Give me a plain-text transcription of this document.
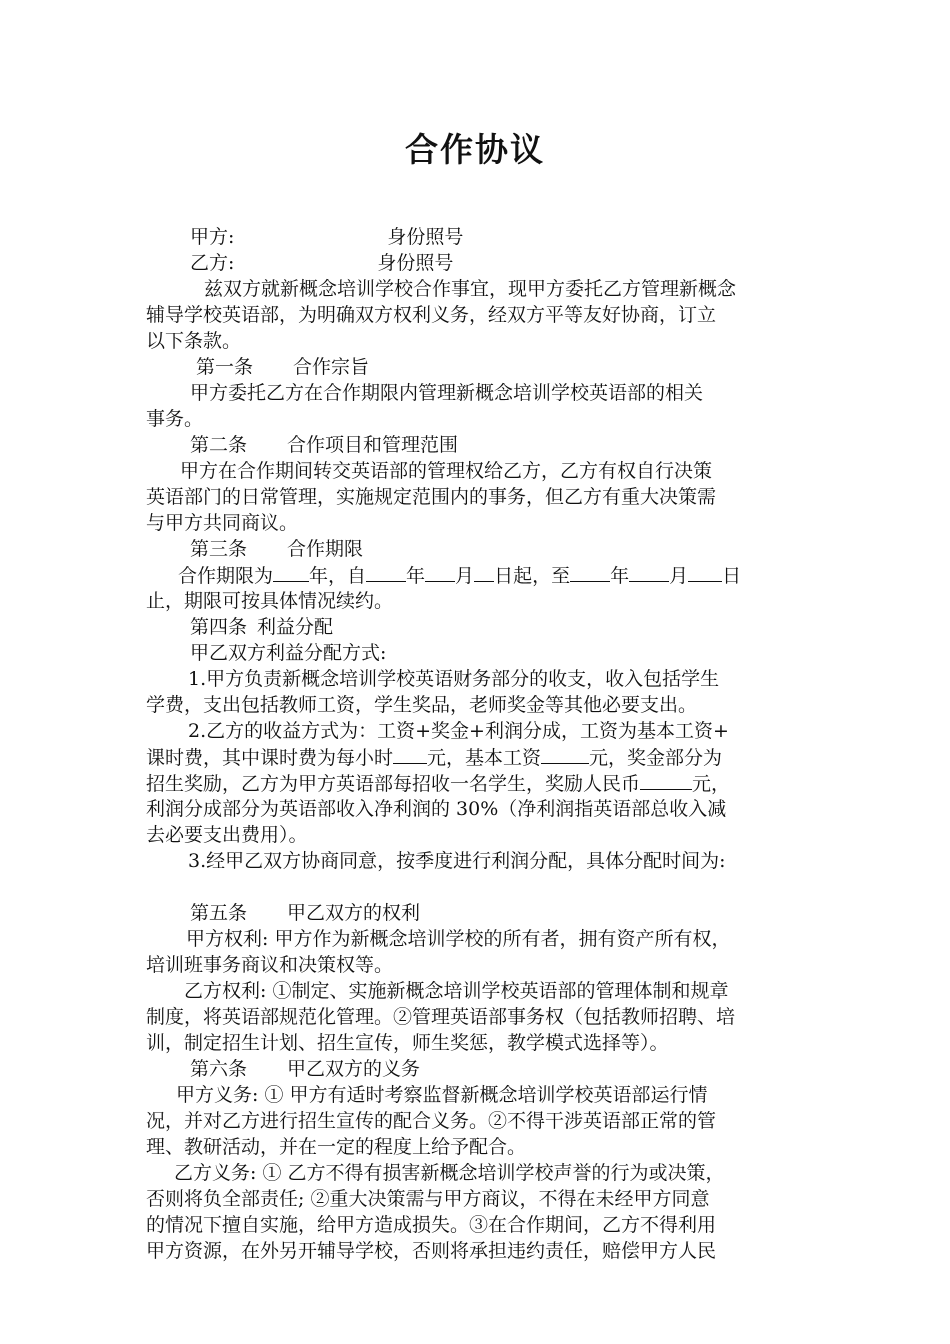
合作协议
甲方:	身份照号
乙方:	身份照号
兹双方就新概念培训学校合作事宜，现甲方委托乙方管理新概念
辅导学校英语部，为明确双方权利义务，经双方平等友好协商，订立
以下条款。
第一条 合作宗旨
甲方委托乙方在合作期限内管理新概念培训学校英语部的相关
事务。
第二条 合作项目和管理范围
甲方在合作期间转交英语部的管理权给乙方，乙方有权自行决策
英语部门的日常管理，实施规定范围内的事务，但乙方有重大决策需
与甲方共同商议。
第三条 合作期限
合作期限为 年，自 年 月 日起，至 年 月 日
止，期限可按具体情况续约。
第四条 利益分配
甲乙双方利益分配方式:
1.甲方负责新概念培训学校英语财务部分的收支，收入包括学生
学费，支出包括教师工资，学生奖品，老师奖金等其他必要支出。
2.乙方的收益方式为：工资+奖金+利润分成，工资为基本工资+
课时费，其中课时费为每小时 元，基本工资	元，奖金部分为
招生奖励，乙方为甲方英语部每招收一名学生，奖励人民币	元，
利润分成部分为英语部收入净利润的 30%（净利润指英语部总收入减
去必要支出费用）。
3.经甲乙双方协商同意，按季度进行利润分配，具体分配时间为:
第五条 甲乙双方的权利
甲方权利: 甲方作为新概念培训学校的所有者，拥有资产所有权，
培训班事务商议和决策权等。
乙方权利: ①制定、实施新概念培训学校英语部的管理体制和规章
制度，将英语部规范化管理。②管理英语部事务权（包括教师招聘、培
训，制定招生计划、招生宣传，师生奖惩，教学模式选择等）。
第六条 甲乙双方的义务
甲方义务: ① 甲方有适时考察监督新概念培训学校英语部运行情
况，并对乙方进行招生宣传的配合义务。②不得干涉英语部正常的管
理、教研活动，并在一定的程度上给予配合。
乙方义务: ① 乙方不得有损害新概念培训学校声誉的行为或决策，
否则将负全部责任; ②重大决策需与甲方商议，不得在未经甲方同意
的情况下擅自实施，给甲方造成损失。③在合作期间，乙方不得利用
甲方资源，在外另开辅导学校，否则将承担违约责任，赔偿甲方人民
